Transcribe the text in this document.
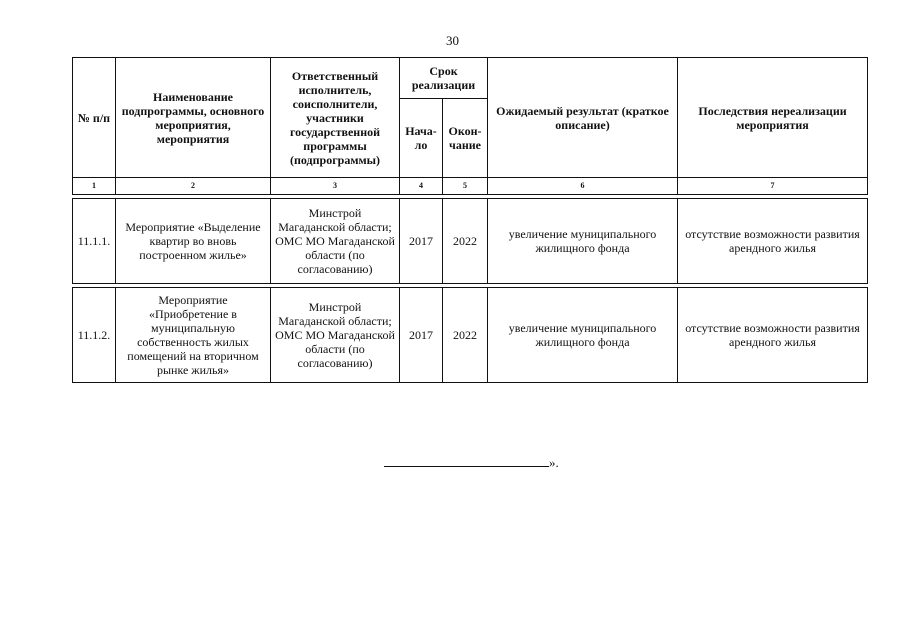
30
№ п/п	Наименование подпрограммы, основного мероприятия, мероприятия	Ответственный исполнитель, соисполнители, участники государственной программы (подпрограммы)	Срок реализации		Ожидаемый результат (краткое описание)	Последствия нереализации мероприятия
			Нача-ло	Окон-чание		
1	2	3	4	5	6	7

11.1.1.	Мероприятие «Выделение квартир во вновь построенном жилье»	Минстрой Магаданской области; ОМС МО Магаданской области (по согласованию)	2017	2022	увеличение муниципального жилищного фонда	отсутствие возможности развития арендного жилья

11.1.2.	Мероприятие «Приобретение в муниципальную собственность жилых помещений на вторичном рынке жилья»	Минстрой Магаданской области; ОМС МО Магаданской области (по согласованию)	2017	2022	увеличение муниципального жилищного фонда	отсутствие возможности развития арендного жилья
».
